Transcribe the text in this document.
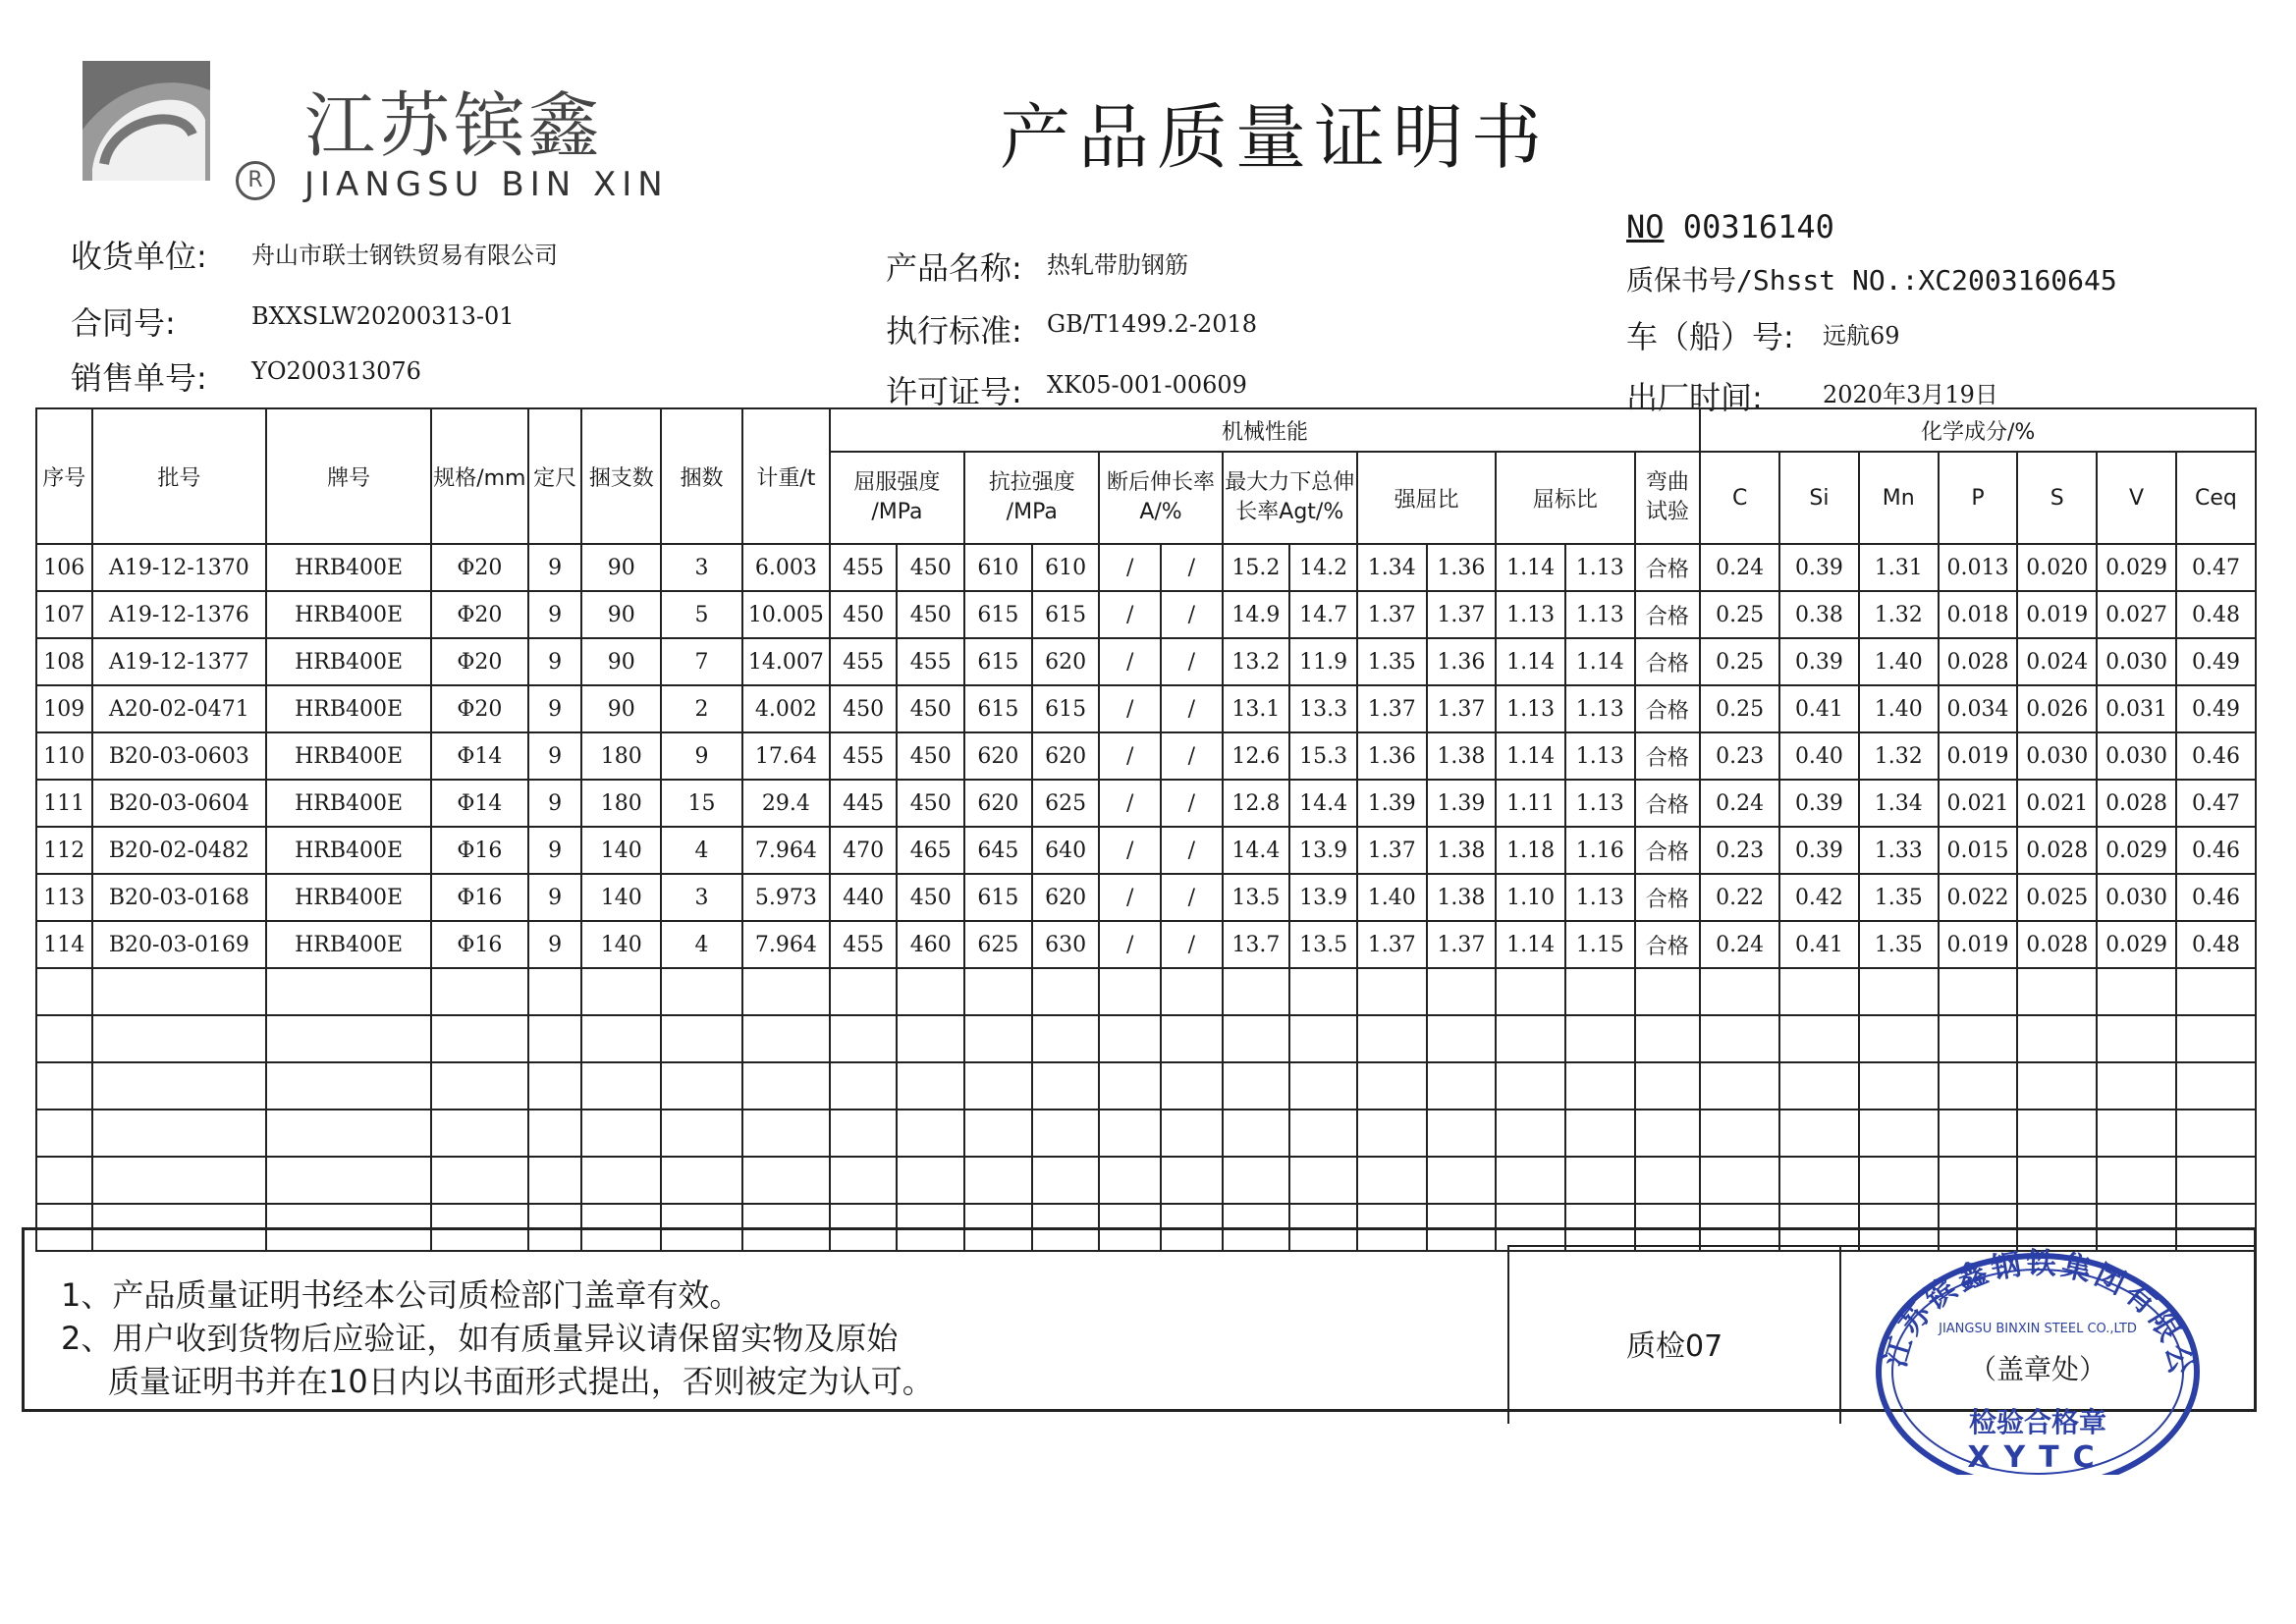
江苏镔鑫
R	JIANGSU BIN XIN
产品质量证明书
收货单位: 舟山市联士钢铁贸易有限公司
合同号:	BXXSLW20200313-01
销售单号: YO200313076
产品名称: 热轧带肋钢筋
执行标准: GB/T1499.2-2018
许可证号: XK05-001-00609
NO 00316140
质保书号/Shsst NO.:XC2003160645
车（船）号: 远航69
出厂时间:	2020年3月19日
序号	批号	牌号	规格/mm	定尺	捆支数	捆数	计重/t	机械性能													化学成分/%						
								屈服强度 /MPa		抗拉强度 /MPa		断后伸长率 A/%		最大力下总伸长率Agt/%		强屈比		屈标比		弯曲试验	C	Si	Mn	P	S	V	Ceq
106	A19-12-1370	HRB400E	Φ20	9	90	3	6.003	455	450	610	610	/	/	15.2	14.2	1.34	1.36	1.14	1.13	合格	0.24	0.39	1.31	0.013	0.020	0.029	0.47
107	A19-12-1376	HRB400E	Φ20	9	90	5	10.005	450	450	615	615	/	/	14.9	14.7	1.37	1.37	1.13	1.13	合格	0.25	0.38	1.32	0.018	0.019	0.027	0.48
108	A19-12-1377	HRB400E	Φ20	9	90	7	14.007	455	455	615	620	/	/	13.2	11.9	1.35	1.36	1.14	1.14	合格	0.25	0.39	1.40	0.028	0.024	0.030	0.49
109	A20-02-0471	HRB400E	Φ20	9	90	2	4.002	450	450	615	615	/	/	13.1	13.3	1.37	1.37	1.13	1.13	合格	0.25	0.41	1.40	0.034	0.026	0.031	0.49
110	B20-03-0603	HRB400E	Φ14	9	180	9	17.64	455	450	620	620	/	/	12.6	15.3	1.36	1.38	1.14	1.13	合格	0.23	0.40	1.32	0.019	0.030	0.030	0.46
111	B20-03-0604	HRB400E	Φ14	9	180	15	29.4	445	450	620	625	/	/	12.8	14.4	1.39	1.39	1.11	1.13	合格	0.24	0.39	1.34	0.021	0.021	0.028	0.47
112	B20-02-0482	HRB400E	Φ16	9	140	4	7.964	470	465	645	640	/	/	14.4	13.9	1.37	1.38	1.18	1.16	合格	0.23	0.39	1.33	0.015	0.028	0.029	0.46
113	B20-03-0168	HRB400E	Φ16	9	140	3	5.973	440	450	615	620	/	/	13.5	13.9	1.40	1.38	1.10	1.13	合格	0.22	0.42	1.35	0.022	0.025	0.030	0.46
114	B20-03-0169	HRB400E	Φ16	9	140	4	7.964	455	460	625	630	/	/	13.7	13.5	1.37	1.37	1.14	1.15	合格	0.24	0.41	1.35	0.019	0.028	0.029	0.48

1、产品质量证明书经本公司质检部门盖章有效。
2、用户收到货物后应验证，如有质量异议请保留实物及原始
质量证明书并在10日内以书面形式提出，否则被定为认可。
质检07	江苏镔鑫钢铁集团有限公
JIANGSU BINXIN STEEL CO.,LTD
（盖章处）
检验合格章
XYTC
